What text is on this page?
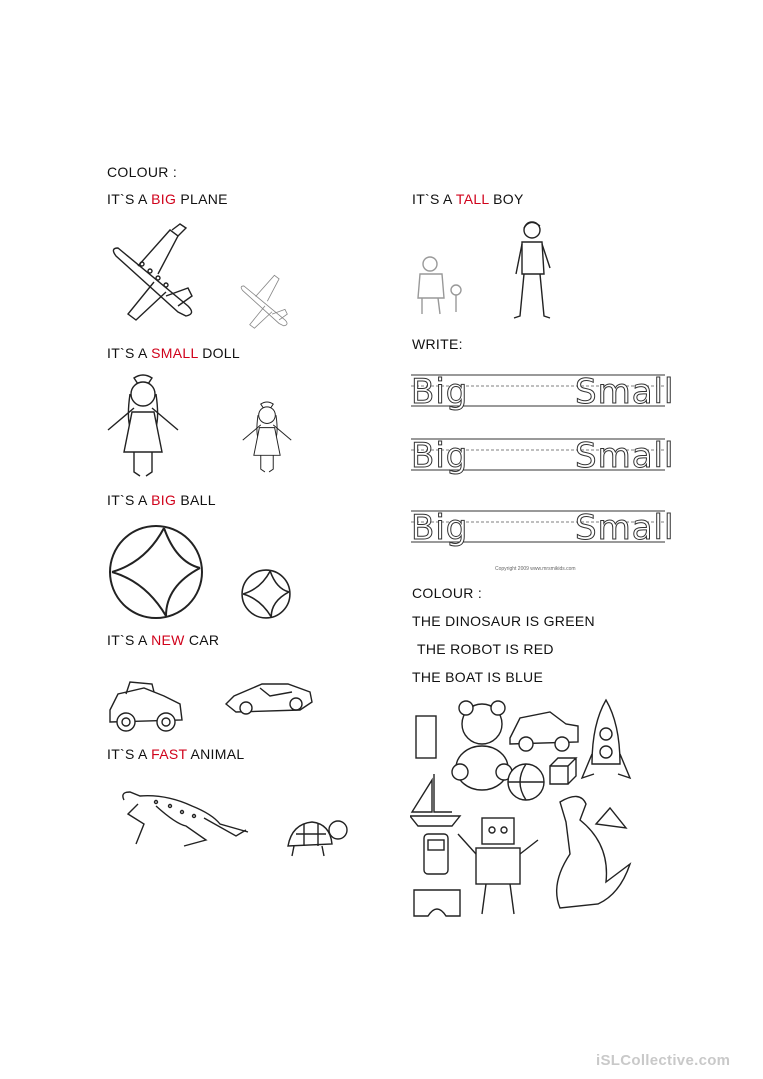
COLOUR :
IT`S A BIG PLANE
IT`S A SMALL DOLL
IT`S A BIG BALL
IT`S A NEW CAR
IT`S A FAST ANIMAL
IT`S A TALL BOY
WRITE:
Big	Small
Big	Small
Big	Small
Copyright 2009 www.mrsmikids.com
COLOUR :
THE DINOSAUR IS GREEN
THE ROBOT IS RED
THE BOAT IS BLUE
iSLCollective.com
